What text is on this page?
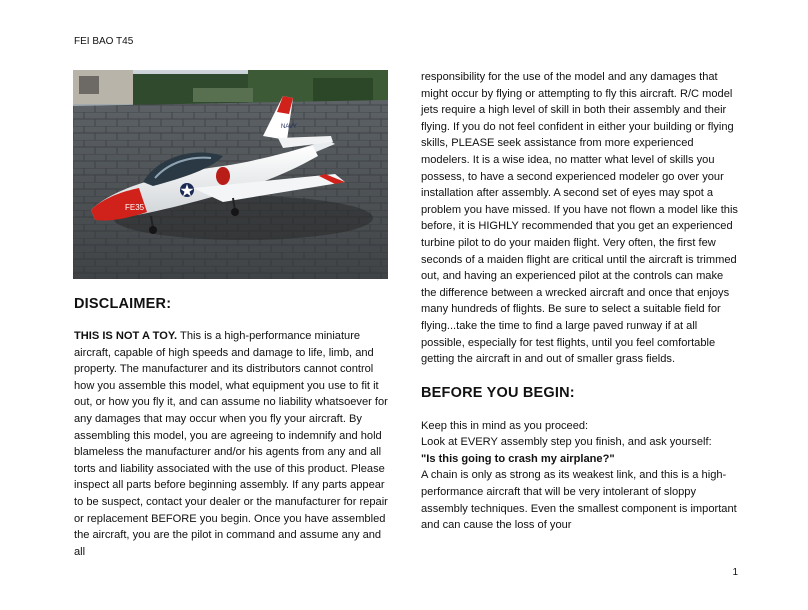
FEI BAO T45
NAVY
FE35
DISCLAIMER:

THIS IS NOT A TOY. This is a high-performance miniature aircraft, capable of high speeds and damage to life, limb, and property. The manufacturer and its distributors cannot control how you assemble this model, what equipment you use to fit it out, or how you fly it, and can assume no liability whatsoever for any damages that may occur when you fly your aircraft. By assembling this model, you are agreeing to indemnify and hold blameless the manufacturer and/or his agents from any and all torts and liability associated with the use of this product. Please inspect all parts before beginning assembly. If any parts appear to be suspect, contact your dealer or the manufacturer for repair or replacement BEFORE you begin. Once you have assembled the aircraft, you are the pilot in command and assume any and all

responsibility for the use of the model and any damages that might occur by flying or attempting to fly this aircraft. R/C model jets require a high level of skill in both their assembly and their flying. If you do not feel confident in either your building or flying skills, PLEASE seek assistance from more experienced modelers. It is a wise idea, no matter what level of skills you possess, to have a second experienced modeler go over your installation after assembly. A second set of eyes may spot a problem you have missed. If you have not flown a model like this before, it is HIGHLY recommended that you get an experienced turbine pilot to do your maiden flight. Very often, the first few seconds of a maiden flight are critical until the aircraft is trimmed out, and having an experienced pilot at the controls can make the difference between a wrecked aircraft and once that enjoys many hundreds of flights. Be sure to select a suitable field for flying...take the time to find a large paved runway if at all possible, especially for test flights, until you feel comfortable getting the aircraft in and out of smaller grass fields.

BEFORE YOU BEGIN:

Keep this in mind as you proceed:
Look at EVERY assembly step you finish, and ask yourself:
"Is this going to crash my airplane?"
A chain is only as strong as its weakest link, and this is a high-performance aircraft that will be very intolerant of sloppy assembly techniques. Even the smallest component is important and can cause the loss of your

1
